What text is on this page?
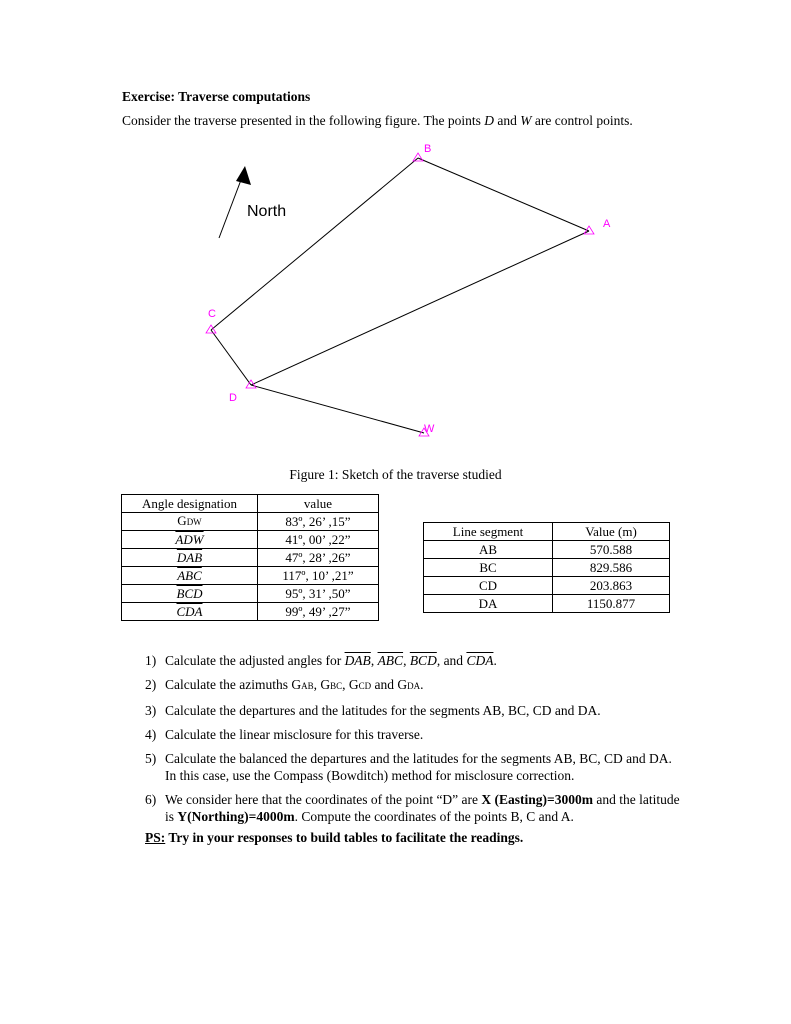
Exercise: Traverse computations
Consider the traverse presented in the following figure. The points D and W are control points.
North
B
A
C
D
W
Figure 1: Sketch of the traverse studied
Angle designation	value
GDW	83º, 26’ ,15”
$\overline{ADW}$	41º, 00’ ,22”
$\overline{DAB}$	47º, 28’ ,26”
$\overline{ABC}$	117º, 10’ ,21”
$\overline{BCD}$	95º, 31’ ,50”
$\overline{CDA}$	99º, 49’ ,27”
Line segment	Value (m)
AB	570.588
BC	829.586
CD	203.863
DA	1150.877
1) Calculate the adjusted angles for $\overline{DAB}$, $\overline{ABC}$, $\overline{BCD}$, and $\overline{CDA}$.
2) Calculate the azimuths GAB, GBC, GCD and GDA.
3) Calculate the departures and the latitudes for the segments AB, BC, CD and DA.
4) Calculate the linear misclosure for this traverse.
5) Calculate the balanced the departures and the latitudes for the segments AB, BC, CD and DA. In this case, use the Compass (Bowditch) method for misclosure correction.
6) We consider here that the coordinates of the point “D” are X (Easting)=3000m and the latitude is Y(Northing)=4000m. Compute the coordinates of the points B, C and A.
PS: Try in your responses to build tables to facilitate the readings.
